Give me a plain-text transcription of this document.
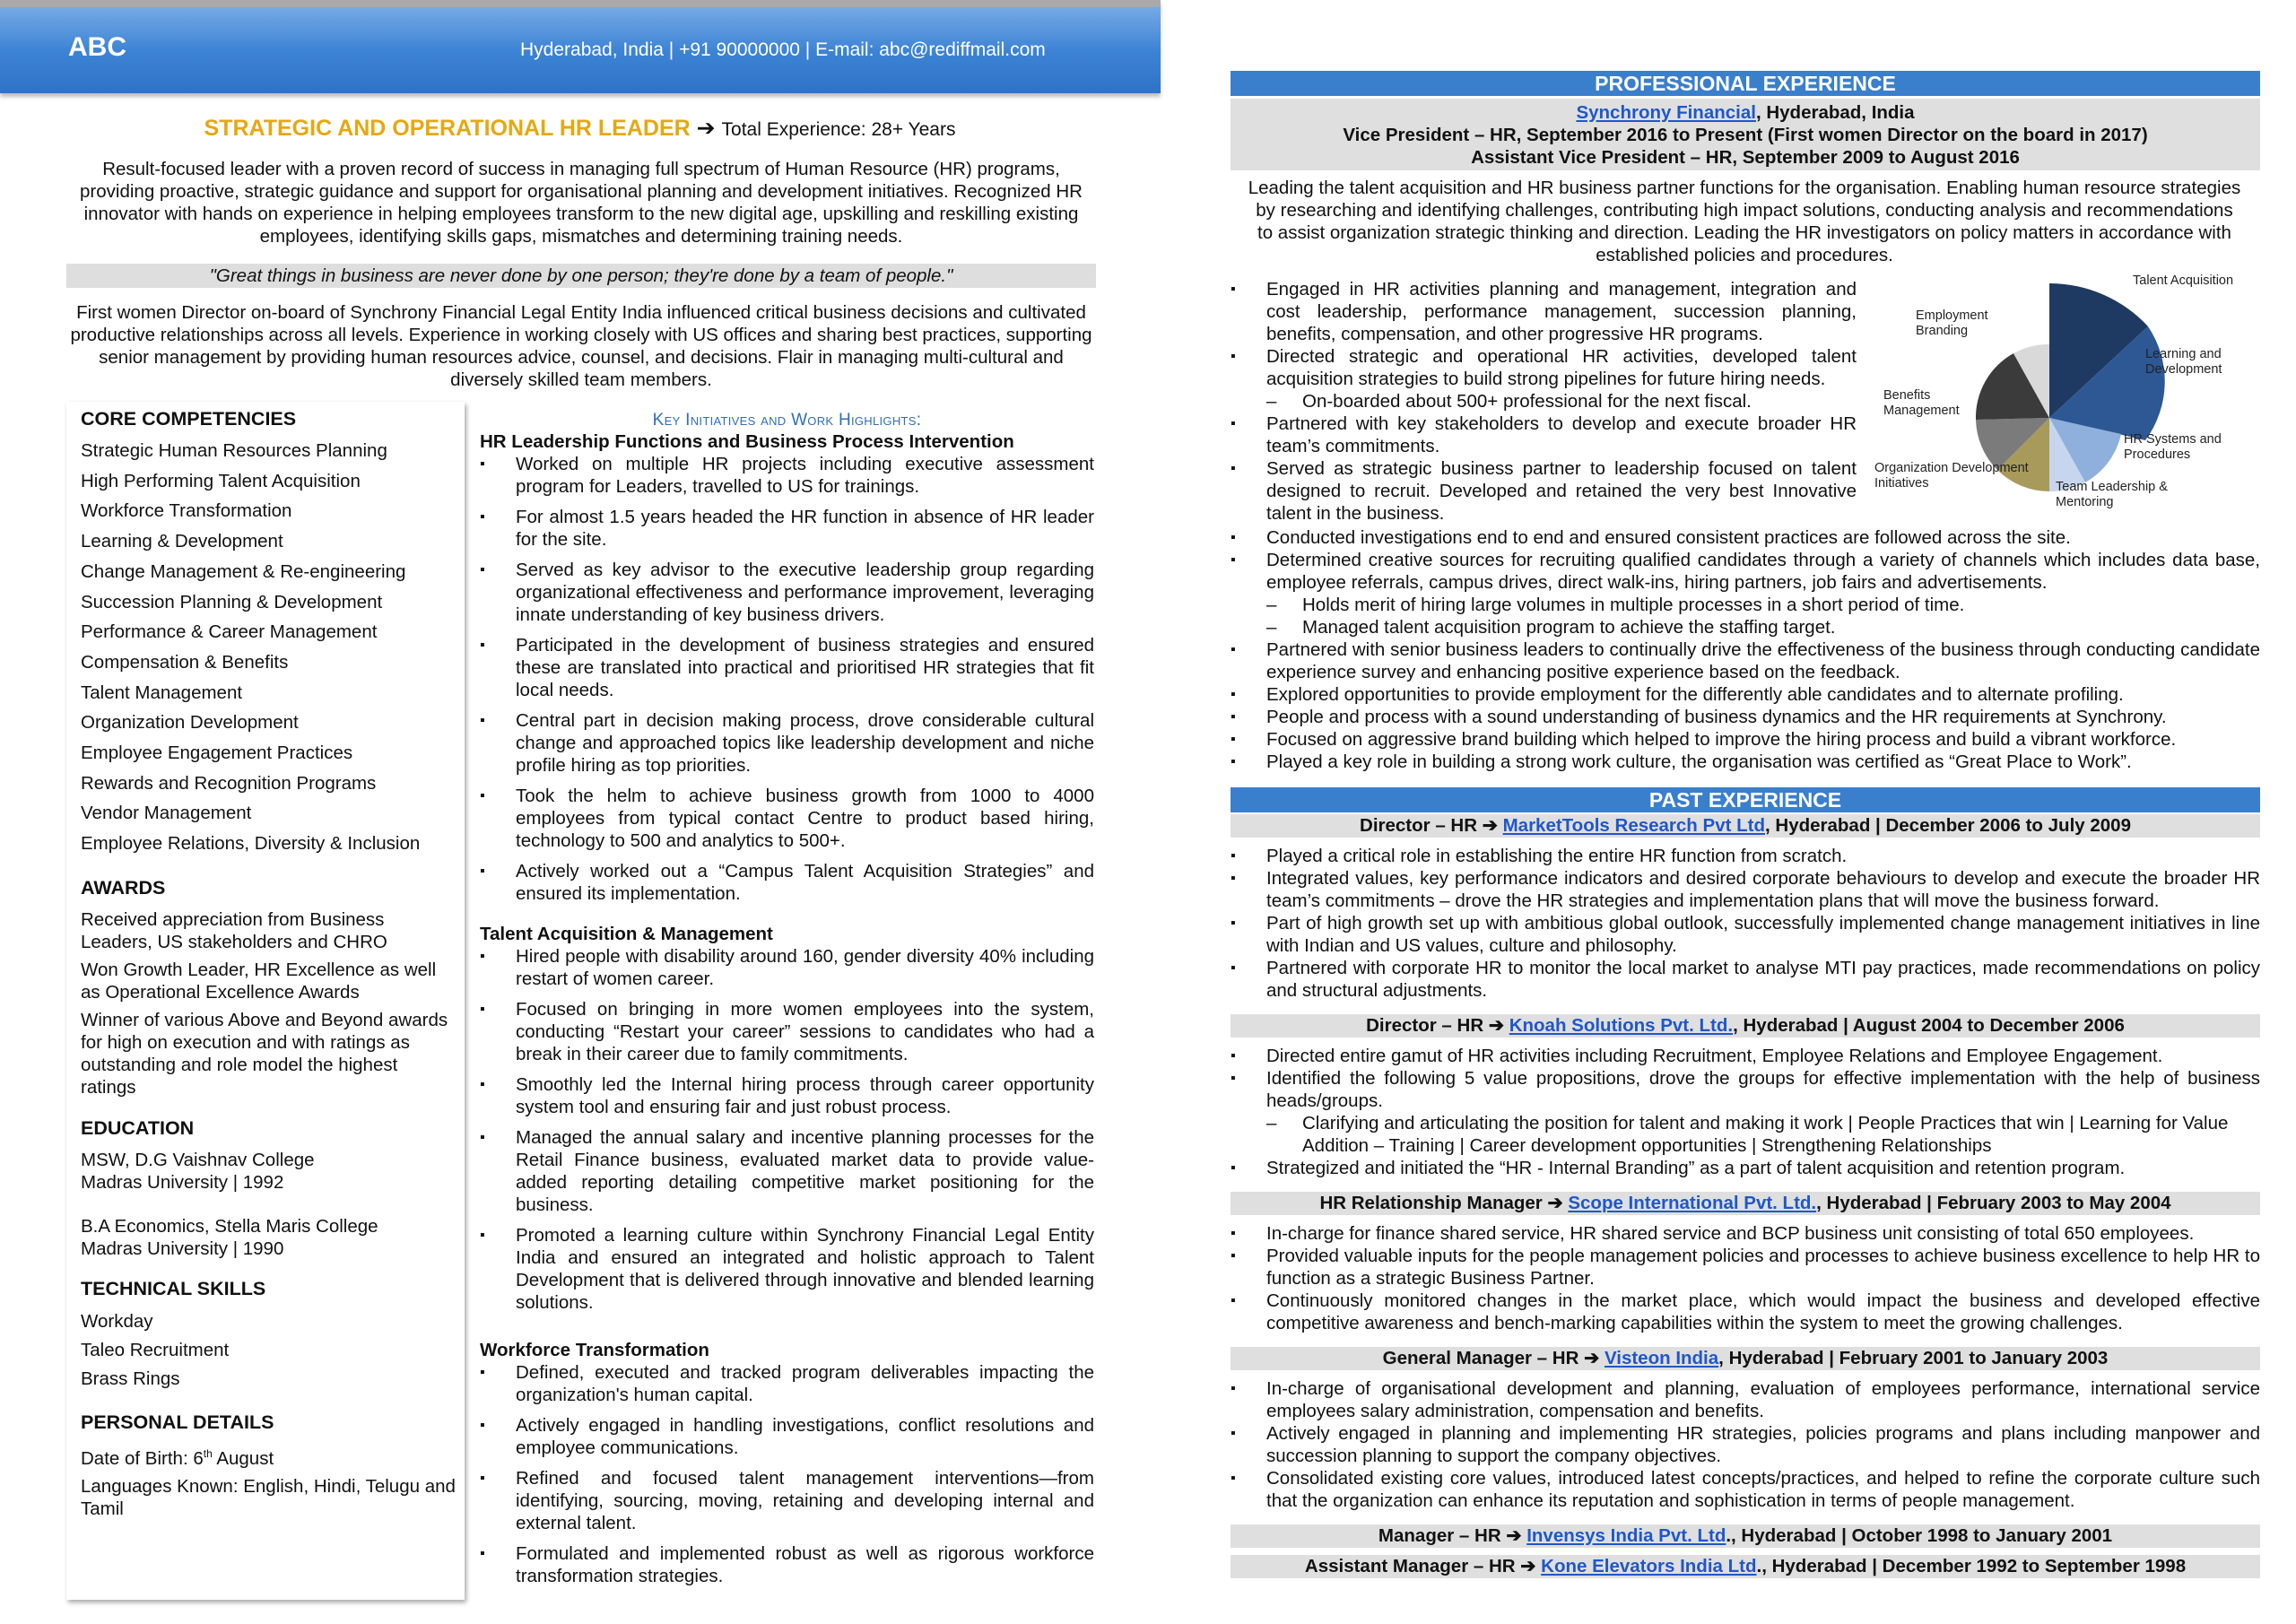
ABC	Hyderabad, India | +91 90000000 | E-mail: abc@rediffmail.com
STRATEGIC AND OPERATIONAL HR LEADER ➔ Total Experience: 28+ Years
Result-focused leader with a proven record of success in managing full spectrum of Human Resource (HR) programs, providing proactive, strategic guidance and support for organisational planning and development initiatives. Recognized HR innovator with hands on experience in helping employees transform to the new digital age, upskilling and reskilling existing employees, identifying skills gaps, mismatches and determining training needs.
"Great things in business are never done by one person; they're done by a team of people."
First women Director on-board of Synchrony Financial Legal Entity India influenced critical business decisions and cultivated productive relationships across all levels. Experience in working closely with US offices and sharing best practices, supporting senior management by providing human resources advice, counsel, and decisions. Flair in managing multi-cultural and diversely skilled team members.
CORE COMPETENCIES
Strategic Human Resources Planning
High Performing Talent Acquisition
Workforce Transformation
Learning & Development
Change Management & Re-engineering
Succession Planning & Development
Performance & Career Management
Compensation & Benefits
Talent Management
Organization Development
Employee Engagement Practices
Rewards and Recognition Programs
Vendor Management
Employee Relations, Diversity & Inclusion
AWARDS
Received appreciation from Business Leaders, US stakeholders and CHRO
Won Growth Leader, HR Excellence as well as Operational Excellence Awards
Winner of various Above and Beyond awards for high on execution and with ratings as outstanding and role model the highest ratings
EDUCATION
MSW, D.G Vaishnav College
Madras University | 1992
B.A Economics, Stella Maris College
Madras University | 1990
TECHNICAL SKILLS
Workday
Taleo Recruitment
Brass Rings
PERSONAL DETAILS
Date of Birth: 6th August
Languages Known: English, Hindi, Telugu and Tamil
Key Initiatives and Work Highlights:
HR Leadership Functions and Business Process Intervention
▪ Worked on multiple HR projects including executive assessment program for Leaders, travelled to US for trainings.
▪ For almost 1.5 years headed the HR function in absence of HR leader for the site.
▪ Served as key advisor to the executive leadership group regarding organizational effectiveness and performance improvement, leveraging innate understanding of key business drivers.
▪ Participated in the development of business strategies and ensured these are translated into practical and prioritised HR strategies that fit local needs.
▪ Central part in decision making process, drove considerable cultural change and approached topics like leadership development and niche profile hiring as top priorities.
▪ Took the helm to achieve business growth from 1000 to 4000 employees from typical contact Centre to product based hiring, technology to 500 and analytics to 500+.
▪ Actively worked out a “Campus Talent Acquisition Strategies” and ensured its implementation.
Talent Acquisition & Management
▪ Hired people with disability around 160, gender diversity 40% including restart of women career.
▪ Focused on bringing in more women employees into the system, conducting “Restart your career” sessions to candidates who had a break in their career due to family commitments.
▪ Smoothly led the Internal hiring process through career opportunity system tool and ensuring fair and just robust process.
▪ Managed the annual salary and incentive planning processes for the Retail Finance business, evaluated market data to provide value-added reporting detailing competitive market positioning for the business.
▪ Promoted a learning culture within Synchrony Financial Legal Entity India and ensured an integrated and holistic approach to Talent Development that is delivered through innovative and blended learning solutions.
Workforce Transformation
▪ Defined, executed and tracked program deliverables impacting the organization's human capital.
▪ Actively engaged in handling investigations, conflict resolutions and employee communications.
▪ Refined and focused talent management interventions—from identifying, sourcing, moving, retaining and developing internal and external talent.
▪ Formulated and implemented robust as well as rigorous workforce transformation strategies.
PROFESSIONAL EXPERIENCE
Synchrony Financial, Hyderabad, India
Vice President – HR, September 2016 to Present (First women Director on the board in 2017)
Assistant Vice President – HR, September 2009 to August 2016
Leading the talent acquisition and HR business partner functions for the organisation. Enabling human resource strategies by researching and identifying challenges, contributing high impact solutions, conducting analysis and recommendations to assist organization strategic thinking and direction. Leading the HR investigators on policy matters in accordance with established policies and procedures.
▪ Engaged in HR activities planning and management, integration and cost leadership, performance management, succession planning, benefits, compensation, and other progressive HR programs.
▪ Directed strategic and operational HR activities, developed talent acquisition strategies to build strong pipelines for future hiring needs.
– On-boarded about 500+ professional for the next fiscal.
▪ Partnered with key stakeholders to develop and execute broader HR team’s commitments.
▪ Served as strategic business partner to leadership focused on talent designed to recruit. Developed and retained the very best Innovative talent in the business.
Talent Acquisition
Learning and Development
HR Systems and Procedures
Team Leadership & Mentoring
Organization Development Initiatives
Benefits Management
Employment Branding
▪ Conducted investigations end to end and ensured consistent practices are followed across the site.
▪ Determined creative sources for recruiting qualified candidates through a variety of channels which includes data base, employee referrals, campus drives, direct walk-ins, hiring partners, job fairs and advertisements.
– Holds merit of hiring large volumes in multiple processes in a short period of time.
– Managed talent acquisition program to achieve the staffing target.
▪ Partnered with senior business leaders to continually drive the effectiveness of the business through conducting candidate experience survey and enhancing positive experience based on the feedback.
▪ Explored opportunities to provide employment for the differently able candidates and to alternate profiling.
▪ People and process with a sound understanding of business dynamics and the HR requirements at Synchrony.
▪ Focused on aggressive brand building which helped to improve the hiring process and build a vibrant workforce.
▪ Played a key role in building a strong work culture, the organisation was certified as “Great Place to Work”.
PAST EXPERIENCE
Director – HR ➔ MarketTools Research Pvt Ltd, Hyderabad | December 2006 to July 2009
▪ Played a critical role in establishing the entire HR function from scratch.
▪ Integrated values, key performance indicators and desired corporate behaviours to develop and execute the broader HR team’s commitments – drove the HR strategies and implementation plans that will move the business forward.
▪ Part of high growth set up with ambitious global outlook, successfully implemented change management initiatives in line with Indian and US values, culture and philosophy.
▪ Partnered with corporate HR to monitor the local market to analyse MTI pay practices, made recommendations on policy and structural adjustments.
Director – HR ➔ Knoah Solutions Pvt. Ltd., Hyderabad | August 2004 to December 2006
▪ Directed entire gamut of HR activities including Recruitment, Employee Relations and Employee Engagement.
▪ Identified the following 5 value propositions, drove the groups for effective implementation with the help of business heads/groups.
– Clarifying and articulating the position for talent and making it work | People Practices that win | Learning for Value Addition – Training | Career development opportunities | Strengthening Relationships
▪ Strategized and initiated the “HR - Internal Branding” as a part of talent acquisition and retention program.
HR Relationship Manager ➔ Scope International Pvt. Ltd., Hyderabad | February 2003 to May 2004
▪ In-charge for finance shared service, HR shared service and BCP business unit consisting of total 650 employees.
▪ Provided valuable inputs for the people management policies and processes to achieve business excellence to help HR to function as a strategic Business Partner.
▪ Continuously monitored changes in the market place, which would impact the business and developed effective competitive awareness and bench-marking capabilities within the system to meet the growing challenges.
General Manager – HR ➔ Visteon India, Hyderabad | February 2001 to January 2003
▪ In-charge of organisational development and planning, evaluation of employees performance, international service employees salary administration, compensation and benefits.
▪ Actively engaged in planning and implementing HR strategies, policies programs and plans including manpower and succession planning to support the company objectives.
▪ Consolidated existing core values, introduced latest concepts/practices, and helped to refine the corporate culture such that the organization can enhance its reputation and sophistication in terms of people management.
Manager – HR ➔ Invensys India Pvt. Ltd., Hyderabad | October 1998 to January 2001
Assistant Manager – HR ➔ Kone Elevators India Ltd., Hyderabad | December 1992 to September 1998
